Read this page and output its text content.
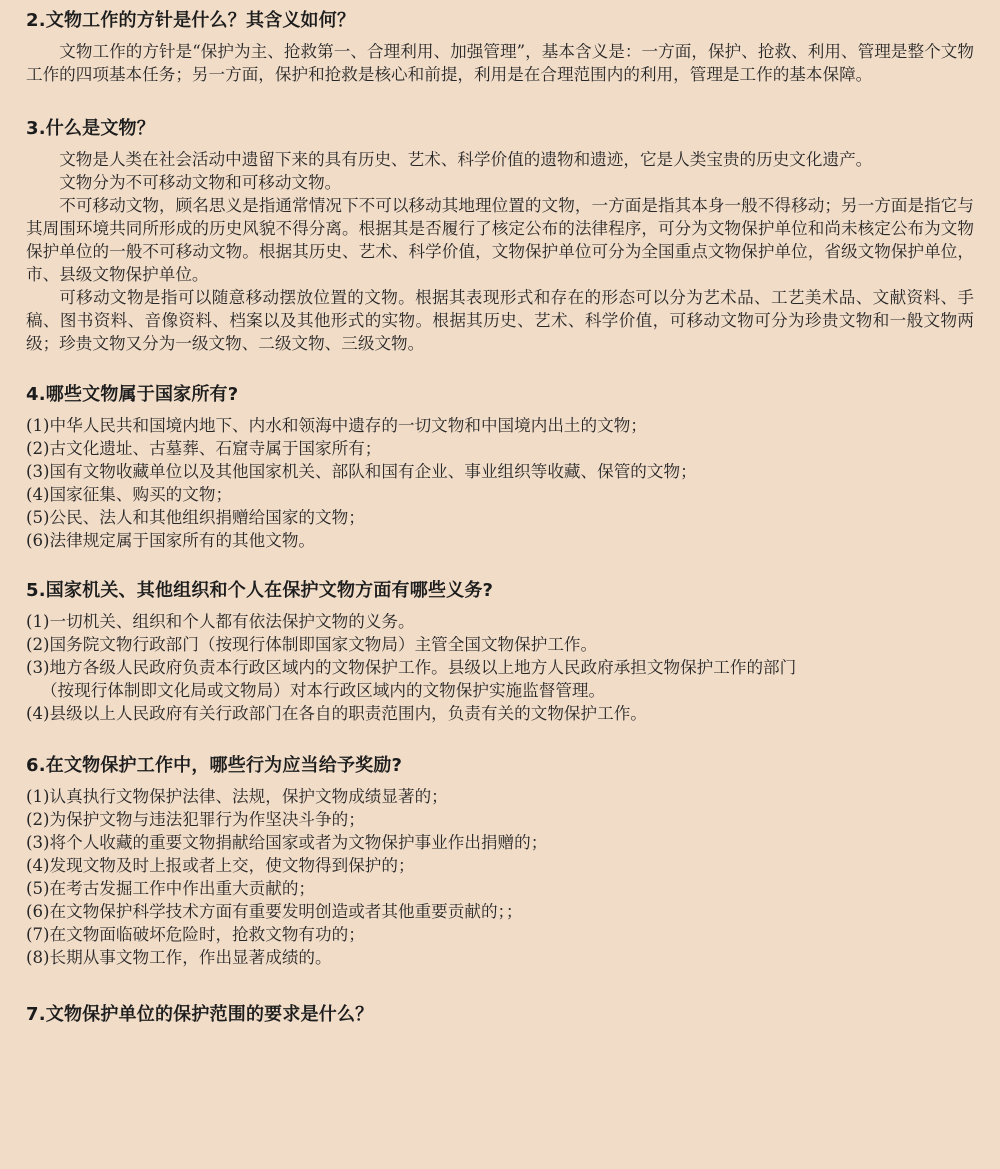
2.文物工作的方针是什么？其含义如何？

文物工作的方针是“保护为主、抢救第一、合理利用、加强管理”，基本含义是：一方面，保护、抢救、利用、管理是整个文物工作的四项基本任务；另一方面，保护和抢救是核心和前提，利用是在合理范围内的利用，管理是工作的基本保障。

3.什么是文物？

文物是人类在社会活动中遗留下来的具有历史、艺术、科学价值的遗物和遗迹，它是人类宝贵的历史文化遗产。

文物分为不可移动文物和可移动文物。

不可移动文物，顾名思义是指通常情况下不可以移动其地理位置的文物，一方面是指其本身一般不得移动；另一方面是指它与其周围环境共同所形成的历史风貌不得分离。根据其是否履行了核定公布的法律程序，可分为文物保护单位和尚未核定公布为文物保护单位的一般不可移动文物。根据其历史、艺术、科学价值，文物保护单位可分为全国重点文物保护单位，省级文物保护单位，市、县级文物保护单位。

可移动文物是指可以随意移动摆放位置的文物。根据其表现形式和存在的形态可以分为艺术品、工艺美术品、文献资料、手稿、图书资料、音像资料、档案以及其他形式的实物。根据其历史、艺术、科学价值，可移动文物可分为珍贵文物和一般文物两级；珍贵文物又分为一级文物、二级文物、三级文物。

4.哪些文物属于国家所有?

(1)中华人民共和国境内地下、内水和领海中遗存的一切文物和中国境内出土的文物；

(2)古文化遗址、古墓葬、石窟寺属于国家所有；

(3)国有文物收藏单位以及其他国家机关、部队和国有企业、事业组织等收藏、保管的文物；

(4)国家征集、购买的文物；

(5)公民、法人和其他组织捐赠给国家的文物；

(6)法律规定属于国家所有的其他文物。

5.国家机关、其他组织和个人在保护文物方面有哪些义务?

(1)一切机关、组织和个人都有依法保护文物的义务。

(2)国务院文物行政部门（按现行体制即国家文物局）主管全国文物保护工作。

(3)地方各级人民政府负责本行政区域内的文物保护工作。县级以上地方人民政府承担文物保护工作的部门

（按现行体制即文化局或文物局）对本行政区域内的文物保护实施监督管理。

(4)县级以上人民政府有关行政部门在各自的职责范围内，负责有关的文物保护工作。

6.在文物保护工作中，哪些行为应当给予奖励?

(1)认真执行文物保护法律、法规，保护文物成绩显著的；

(2)为保护文物与违法犯罪行为作坚决斗争的；

(3)将个人收藏的重要文物捐献给国家或者为文物保护事业作出捐赠的；

(4)发现文物及时上报或者上交，使文物得到保护的；

(5)在考古发掘工作中作出重大贡献的；

(6)在文物保护科学技术方面有重要发明创造或者其他重要贡献的；；

(7)在文物面临破坏危险时，抢救文物有功的；

(8)长期从事文物工作，作出显著成绩的。

7.文物保护单位的保护范围的要求是什么？
